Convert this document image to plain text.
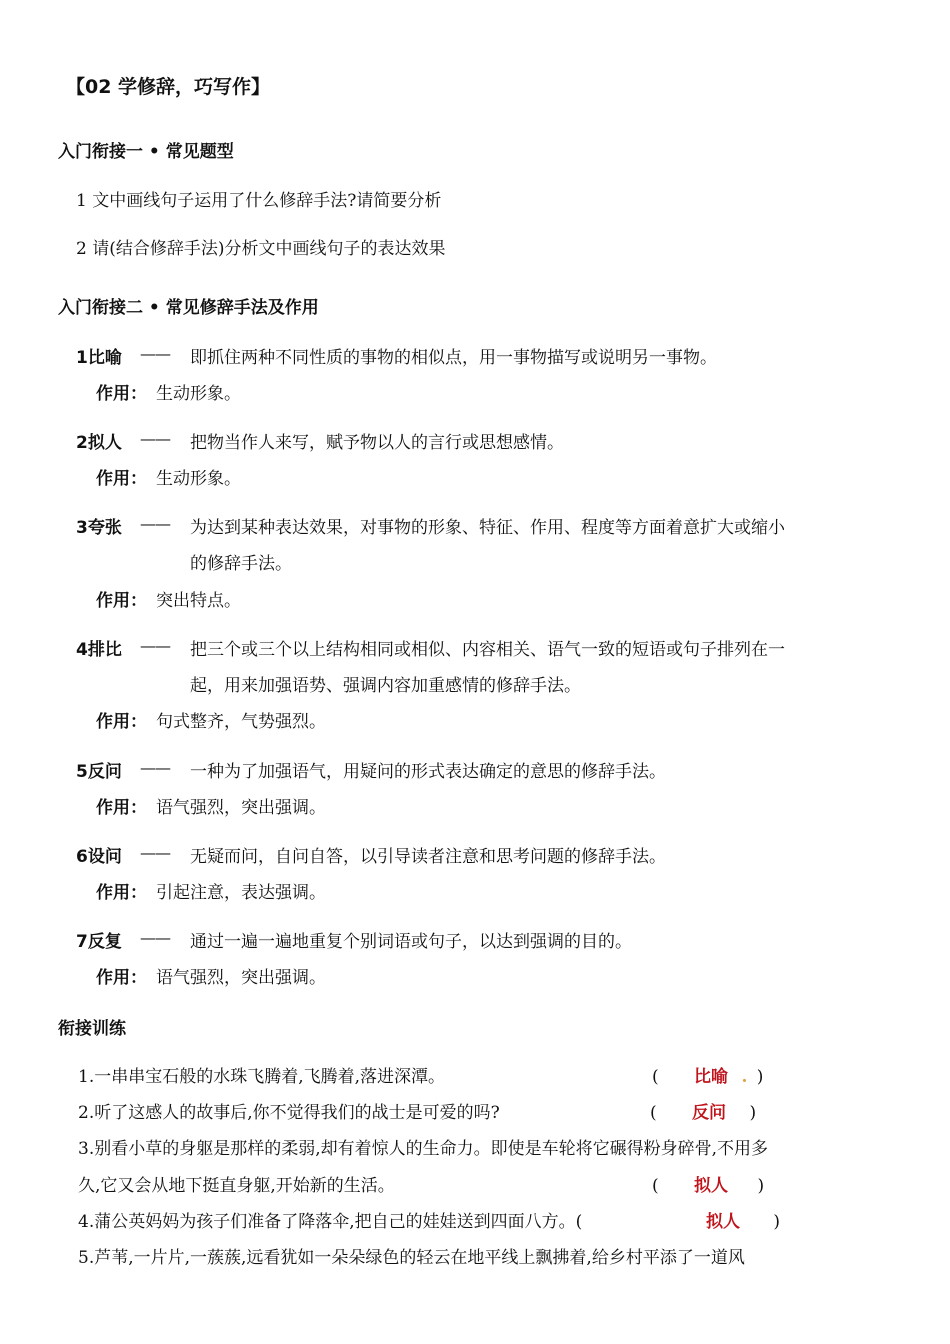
【02 学修辞，巧写作】
入门衔接一 • 常见题型
1 文中画线句子运用了什么修辞手法?请简要分析
2 请(结合修辞手法)分析文中画线句子的表达效果
入门衔接二 • 常见修辞手法及作用
1比喻 —— 即抓住两种不同性质的事物的相似点，用一事物描写或说明另一事物。
作用： 生动形象。
2拟人 —— 把物当作人来写，赋予物以人的言行或思想感情。
作用： 生动形象。
3夸张 —— 为达到某种表达效果，对事物的形象、特征、作用、程度等方面着意扩大或缩小
的修辞手法。
作用： 突出特点。
4排比 —— 把三个或三个以上结构相同或相似、内容相关、语气一致的短语或句子排列在一
起，用来加强语势、强调内容加重感情的修辞手法。
作用： 句式整齐，气势强烈。
5反问 —— 一种为了加强语气，用疑问的形式表达确定的意思的修辞手法。
作用： 语气强烈，突出强调。
6设问 —— 无疑而问，自问自答，以引导读者注意和思考问题的修辞手法。
作用： 引起注意，表达强调。
7反复 —— 通过一遍一遍地重复个别词语或句子，以达到强调的目的。
作用： 语气强烈，突出强调。
衔接训练
1.一串串宝石般的水珠飞腾着,飞腾着,落进深潭。	( 比喻 . )
2.听了这感人的故事后,你不觉得我们的战士是可爱的吗?	( 反问 )
3.别看小草的身躯是那样的柔弱,却有着惊人的生命力。即使是车轮将它碾得粉身碎骨,不用多
久,它又会从地下挺直身躯,开始新的生活。	( 拟人 )
4.蒲公英妈妈为孩子们准备了降落伞,把自己的娃娃送到四面八方。(	拟人 )
5.芦苇,一片片,一蔟蔟,远看犹如一朵朵绿色的轻云在地平线上飘拂着,给乡村平添了一道风
